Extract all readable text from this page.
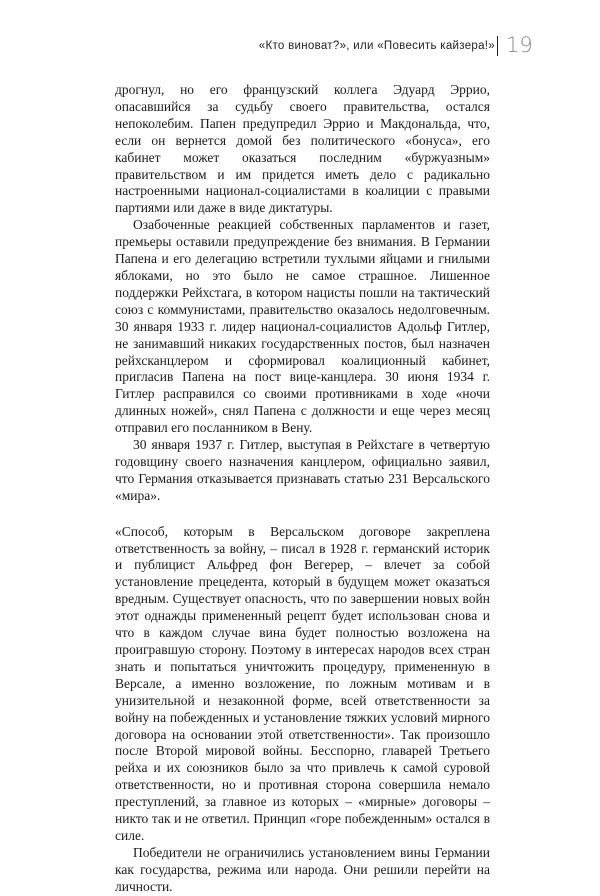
«Кто виноват?», или «Повесить кайзера!» 19

дрогнул, но его французский коллега Эдуард Эррио, опасавшийся за судьбу своего правительства, остался непоколебим. Папен предупредил Эррио и Макдональда, что, если он вернется домой без политического «бонуса», его кабинет может оказаться последним «буржуазным» правительством и им придется иметь дело с радикально настроенными национал-социалистами в коалиции с правыми партиями или даже в виде диктатуры.

Озабоченные реакцией собственных парламентов и газет, премьеры оставили предупреждение без внимания. В Германии Папена и его делегацию встретили тухлыми яйцами и гнилыми яблоками, но это было не самое страшное. Лишенное поддержки Рейхстага, в котором нацисты пошли на тактический союз с коммунистами, правительство оказалось недолговечным. 30 января 1933 г. лидер национал-социалистов Адольф Гитлер, не занимавший никаких государственных постов, был назначен рейхсканцлером и сформировал коалиционный кабинет, пригласив Папена на пост вице-канцлера. 30 июня 1934 г. Гитлер расправился со своими противниками в ходе «ночи длинных ножей», снял Папена с должности и еще через месяц отправил его посланником в Вену.

30 января 1937 г. Гитлер, выступая в Рейхстаге в четвертую годовщину своего назначения канцлером, официально заявил, что Германия отказывается признавать статью 231 Версальского «мира».

«Способ, которым в Версальском договоре закреплена ответственность за войну, – писал в 1928 г. германский историк и публицист Альфред фон Вегерер, – влечет за собой установление прецедента, который в будущем может оказаться вредным. Существует опасность, что по завершении новых войн этот однажды примененный рецепт будет использован снова и что в каждом случае вина будет полностью возложена на проигравшую сторону. Поэтому в интересах народов всех стран знать и попытаться уничтожить процедуру, примененную в Версале, а именно возложение, по ложным мотивам и в унизительной и незаконной форме, всей ответственности за войну на побежденных и установление тяжких условий мирного договора на основании этой ответственности». Так произошло после Второй мировой войны. Бесспорно, главарей Третьего рейха и их союзников было за что привлечь к самой суровой ответственности, но и противная сторона совершила немало преступлений, за главное из которых – «мирные» договоры – никто так и не ответил. Принцип «горе побежденным» остался в силе.

Победители не ограничились установлением вины Германии как государства, режима или народа. Они решили перейти на личности.
